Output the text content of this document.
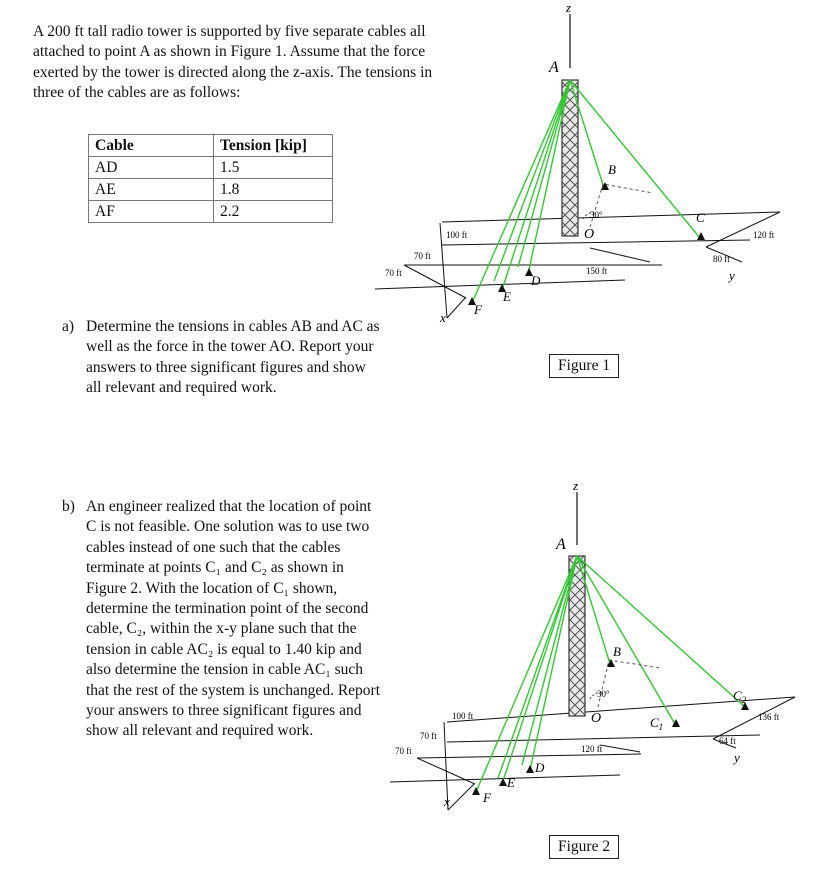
A 200 ft tall radio tower is supported by five separate cables all attached to point A as shown in Figure 1. Assume that the force exerted by the tower is directed along the z-axis. The tensions in three of the cables are as follows:
Cable	Tension [kip]
AD	1.5
AE	1.8
AF	2.2
a) Determine the tensions in cables AB and AC as well as the force in the tower AO. Report your answers to three significant figures and show all relevant and required work.
b) An engineer realized that the location of point C is not feasible. One solution was to use two cables instead of one such that the cables terminate at points C₁ and C₂ as shown in Figure 2. With the location of C₁ shown, determine the termination point of the second cable, C₂, within the x-y plane such that the tension in cable AC₂ is equal to 1.40 kip and also determine the tension in cable AC₁ such that the rest of the system is unchanged. Report your answers to three significant figures and show all relevant and required work.
z
A
B
C
D
E
F
O
x
y
30°
100 ft
70 ft
70 ft	150 ft
80 ft
120 ft
z
A
B
$C_1$
$C_2$
D
E
F
O
x
y
30°
100 ft
70 ft
70 ft	120 ft
64 ft
136 ft
Figure 1
Figure 2
